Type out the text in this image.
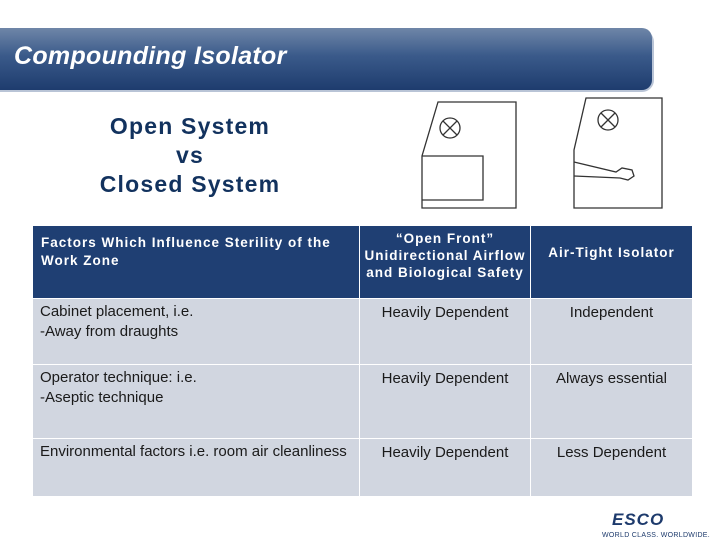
Compounding Isolator
Open System
vs
Closed System
Factors Which Influence Sterility of the Work Zone	“Open Front” Unidirectional Airflow and Biological Safety	Air-Tight Isolator

Cabinet placement, i.e.
-Away from draughts	Heavily Dependent	Independent

Operator technique: i.e.
-Aseptic technique	Heavily Dependent	Always essential

Environmental factors i.e. room air cleanliness	Heavily Dependent	Less Dependent
ESCO
WORLD CLASS. WORLDWIDE.
